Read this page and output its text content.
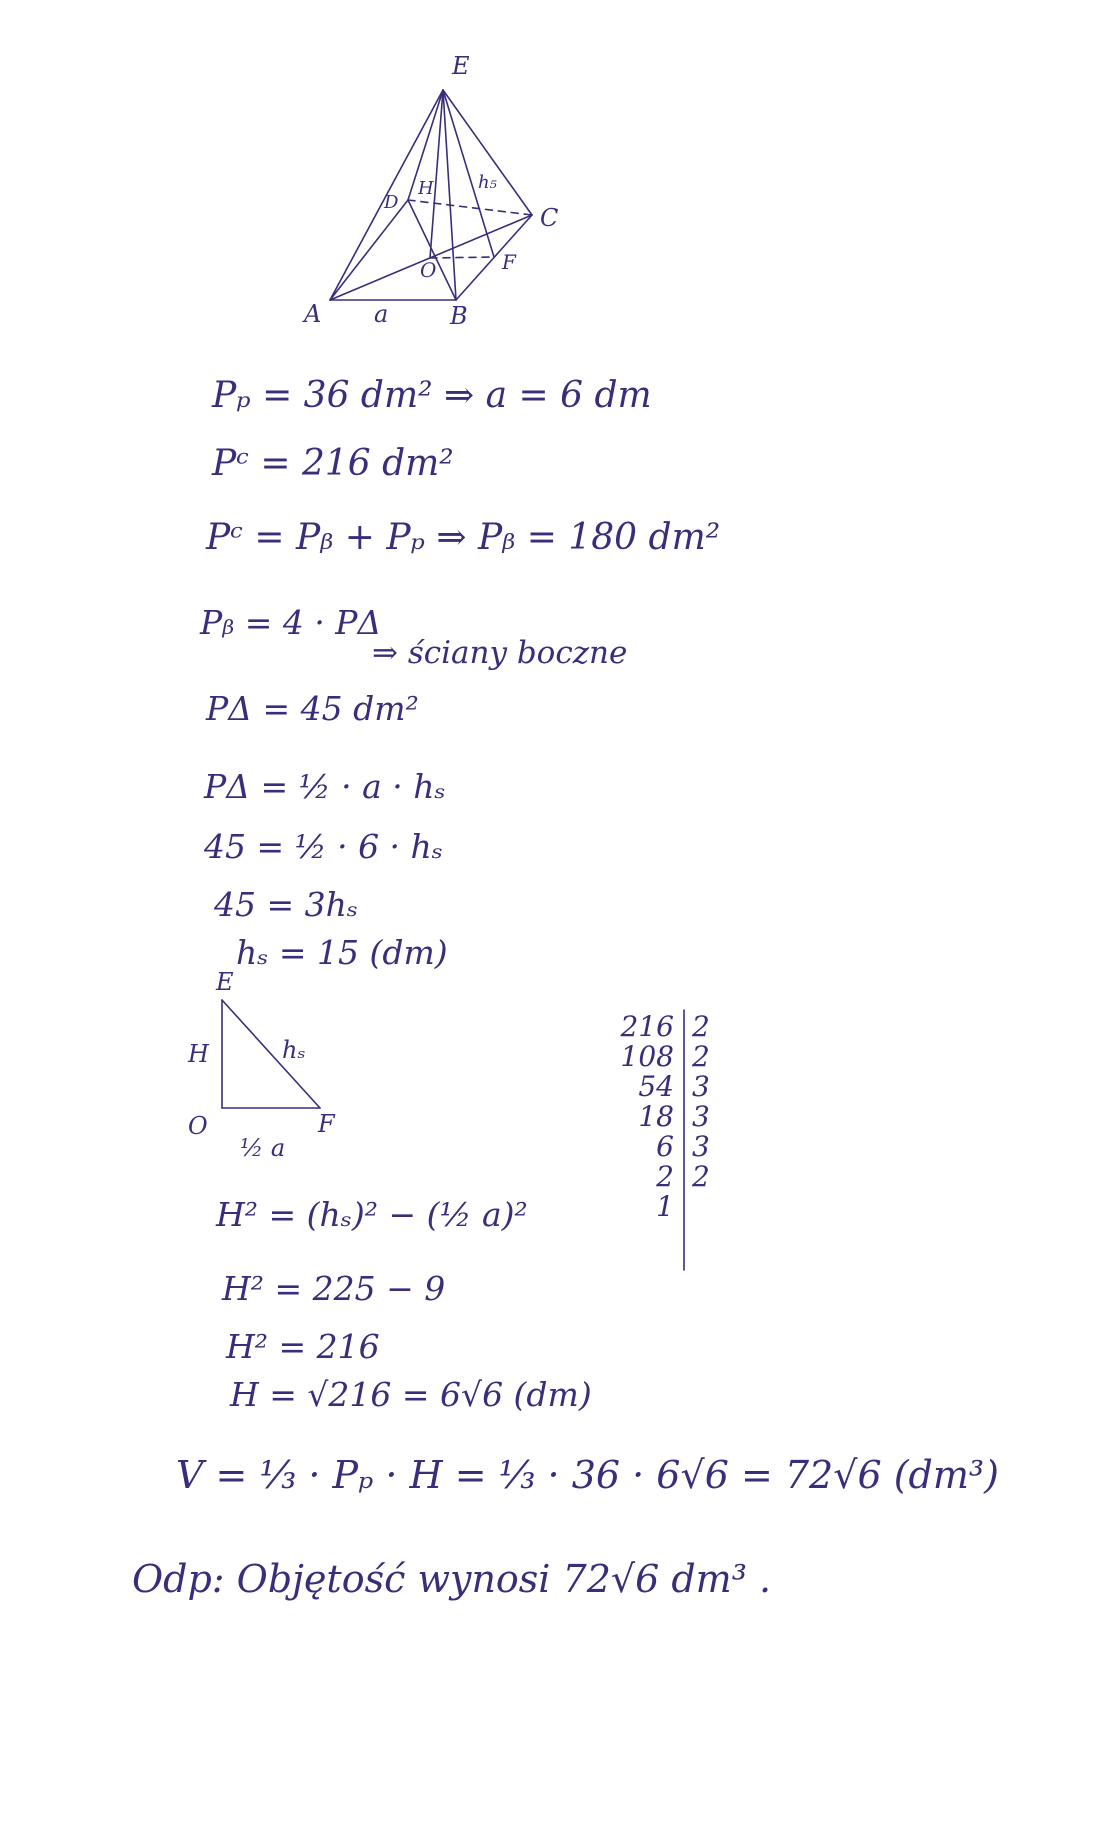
E
A	B
C
D
O	F
a
H h₅
Pₚ = 36 dm² ⇒ a = 6 dm
Pᶜ = 216 dm²
Pᶜ = Pᵦ + Pₚ ⇒ Pᵦ = 180 dm²
Pᵦ = 4 · PΔ
⇒ ściany boczne
PΔ = 45 dm²
PΔ = ½ · a · hₛ
45 = ½ · 6 · hₛ
45 = 3hₛ
hₛ = 15 (dm)
E
H	hₛ
O	F
½ a
H² = (hₛ)² − (½ a)²
H² = 225 − 9
H² = 216
H = √216 = 6√6 (dm)
216 2
108 2
54 3
18 3
6 3
2 2
1
V = ⅓ · Pₚ · H = ⅓ · 36 · 6√6 = 72√6 (dm³)
Odp: Objętość wynosi 72√6 dm³ .
